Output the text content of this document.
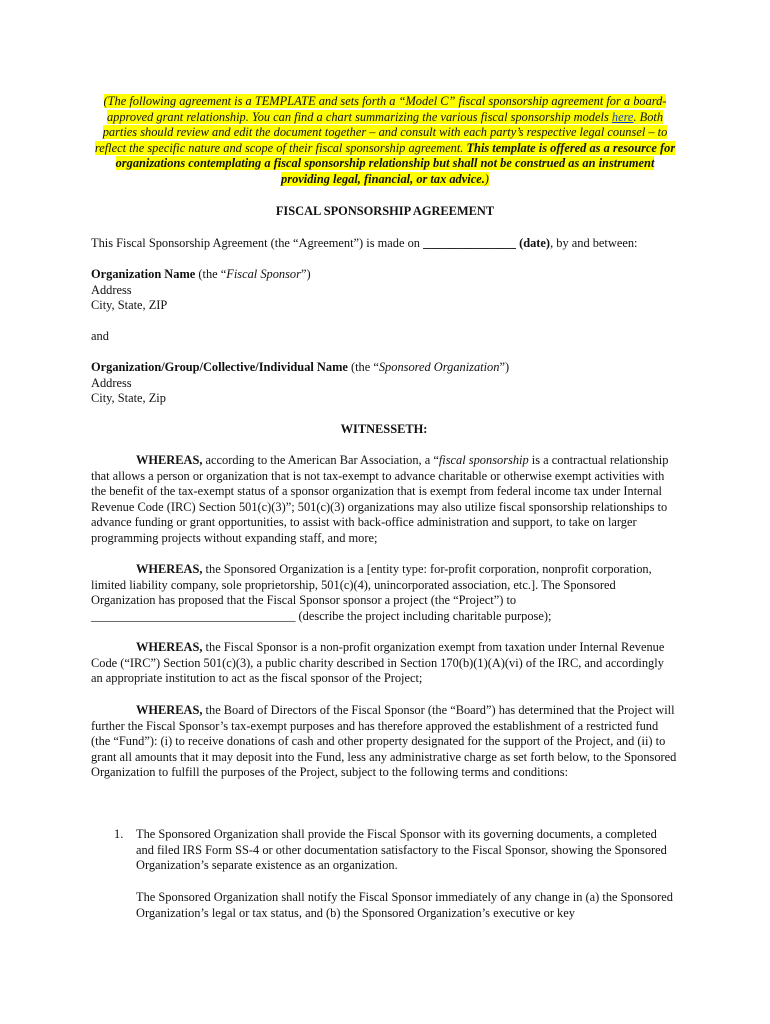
(The following agreement is a TEMPLATE and sets forth a “Model C” fiscal sponsorship agreement for a board-approved grant relationship. You can find a chart summarizing the various fiscal sponsorship models here. Both parties should review and edit the document together – and consult with each party’s respective legal counsel – to reflect the specific nature and scope of their fiscal sponsorship agreement. This template is offered as a resource for organizations contemplating a fiscal sponsorship relationship but shall not be construed as an instrument providing legal, financial, or tax advice.)
FISCAL SPONSORSHIP AGREEMENT
This Fiscal Sponsorship Agreement (the “Agreement”) is made on _______________ (date), by and between:
Organization Name (the “Fiscal Sponsor”)
Address
City, State, ZIP
and
Organization/Group/Collective/Individual Name (the “Sponsored Organization”)
Address
City, State, Zip
WITNESSETH:
WHEREAS, according to the American Bar Association, a “fiscal sponsorship is a contractual relationship that allows a person or organization that is not tax-exempt to advance charitable or otherwise exempt activities with the benefit of the tax-exempt status of a sponsor organization that is exempt from federal income tax under Internal Revenue Code (IRC) Section 501(c)(3)”; 501(c)(3) organizations may also utilize fiscal sponsorship relationships to advance funding or grant opportunities, to assist with back-office administration and support, to take on larger programming projects without expanding staff, and more;
WHEREAS, the Sponsored Organization is a [entity type: for-profit corporation, nonprofit corporation, limited liability company, sole proprietorship, 501(c)(4), unincorporated association, etc.]. The Sponsored Organization has proposed that the Fiscal Sponsor sponsor a project (the “Project”) to _________________________________ (describe the project including charitable purpose);
WHEREAS, the Fiscal Sponsor is a non-profit organization exempt from taxation under Internal Revenue Code (“IRC”) Section 501(c)(3), a public charity described in Section 170(b)(1)(A)(vi) of the IRC, and accordingly an appropriate institution to act as the fiscal sponsor of the Project;
WHEREAS, the Board of Directors of the Fiscal Sponsor (the “Board”) has determined that the Project will further the Fiscal Sponsor’s tax-exempt purposes and has therefore approved the establishment of a restricted fund (the “Fund”): (i) to receive donations of cash and other property designated for the support of the Project, and (ii) to grant all amounts that it may deposit into the Fund, less any administrative charge as set forth below, to the Sponsored Organization to fulfill the purposes of the Project, subject to the following terms and conditions:
1. The Sponsored Organization shall provide the Fiscal Sponsor with its governing documents, a completed and filed IRS Form SS-4 or other documentation satisfactory to the Fiscal Sponsor, showing the Sponsored Organization’s separate existence as an organization.
The Sponsored Organization shall notify the Fiscal Sponsor immediately of any change in (a) the Sponsored Organization’s legal or tax status, and (b) the Sponsored Organization’s executive or key
